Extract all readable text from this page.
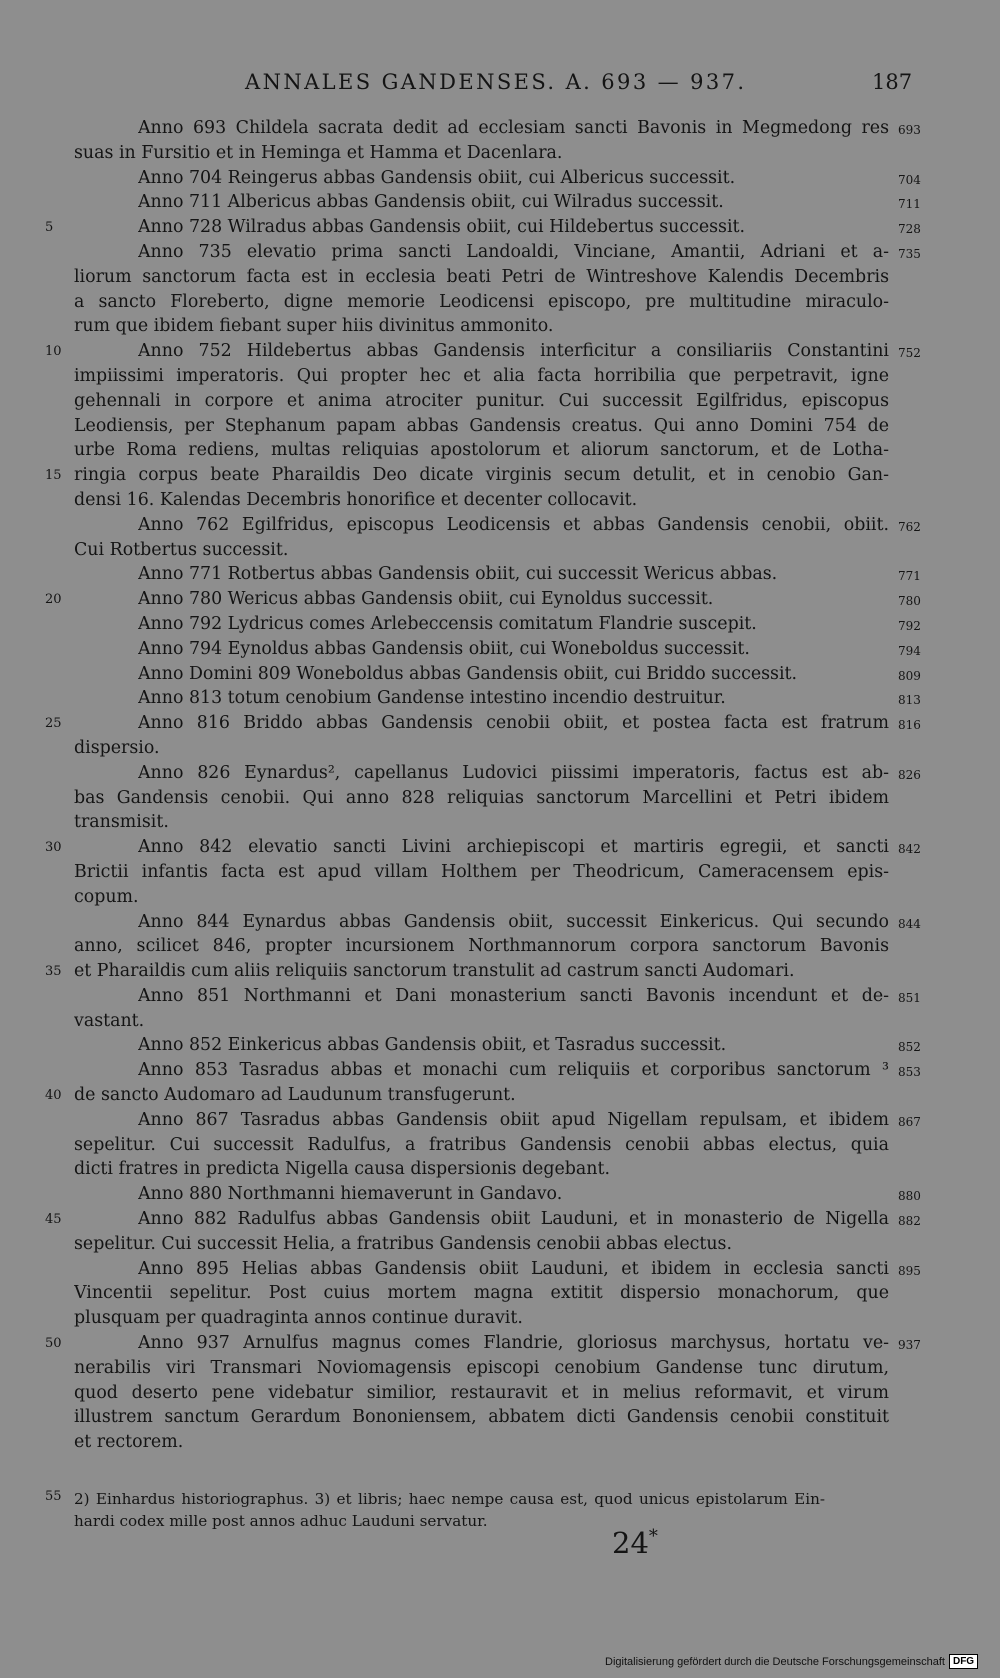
ANNALES GANDENSES. A. 693 — 937.	187
Anno 693 Childela sacrata dedit ad ecclesiam sancti Bavonis in Megmedong res 693
suas in Fursitio et in Heminga et Hamma et Dacenlara.
Anno 704 Reingerus abbas Gandensis obiit, cui Albericus successit.	704
Anno 711 Albericus abbas Gandensis obiit, cui Wilradus successit.	711
5	Anno 728 Wilradus abbas Gandensis obiit, cui Hildebertus successit.	728
Anno 735 elevatio prima sancti Landoaldi, Vinciane, Amantii, Adriani et a- 735
liorum sanctorum facta est in ecclesia beati Petri de Wintreshove Kalendis Decembris
a sancto Floreberto, digne memorie Leodicensi episcopo, pre multitudine miraculo-
rum que ibidem fiebant super hiis divinitus ammonito.
10	Anno 752 Hildebertus abbas Gandensis interficitur a consiliariis Constantini 752
impiissimi imperatoris. Qui propter hec et alia facta horribilia que perpetravit, igne
gehennali in corpore et anima atrociter punitur. Cui successit Egilfridus, episcopus
Leodiensis, per Stephanum papam abbas Gandensis creatus. Qui anno Domini 754 de
urbe Roma rediens, multas reliquias apostolorum et aliorum sanctorum, et de Lotha-
15 ringia corpus beate Pharaildis Deo dicate virginis secum detulit, et in cenobio Gan-
densi 16. Kalendas Decembris honorifice et decenter collocavit.
Anno 762 Egilfridus, episcopus Leodicensis et abbas Gandensis cenobii, obiit. 762
Cui Rotbertus successit.
Anno 771 Rotbertus abbas Gandensis obiit, cui successit Wericus abbas.	771
20	Anno 780 Wericus abbas Gandensis obiit, cui Eynoldus successit.	780
Anno 792 Lydricus comes Arlebeccensis comitatum Flandrie suscepit.	792
Anno 794 Eynoldus abbas Gandensis obiit, cui Woneboldus successit.	794
Anno Domini 809 Woneboldus abbas Gandensis obiit, cui Briddo successit.	809
Anno 813 totum cenobium Gandense intestino incendio destruitur.	813
25	Anno 816 Briddo abbas Gandensis cenobii obiit, et postea facta est fratrum 816
dispersio.
Anno 826 Eynardus², capellanus Ludovici piissimi imperatoris, factus est ab- 826
bas Gandensis cenobii. Qui anno 828 reliquias sanctorum Marcellini et Petri ibidem
transmisit.
30	Anno 842 elevatio sancti Livini archiepiscopi et martiris egregii, et sancti 842
Brictii infantis facta est apud villam Holthem per Theodricum, Cameracensem epis-
copum.
Anno 844 Eynardus abbas Gandensis obiit, successit Einkericus. Qui secundo 844
anno, scilicet 846, propter incursionem Northmannorum corpora sanctorum Bavonis
35 et Pharaildis cum aliis reliquiis sanctorum transtulit ad castrum sancti Audomari.
Anno 851 Northmanni et Dani monasterium sancti Bavonis incendunt et de- 851
vastant.
Anno 852 Einkericus abbas Gandensis obiit, et Tasradus successit.	852
Anno 853 Tasradus abbas et monachi cum reliquiis et corporibus sanctorum ³ 853
40 de sancto Audomaro ad Laudunum transfugerunt.
Anno 867 Tasradus abbas Gandensis obiit apud Nigellam repulsam, et ibidem 867
sepelitur. Cui successit Radulfus, a fratribus Gandensis cenobii abbas electus, quia
dicti fratres in predicta Nigella causa dispersionis degebant.
Anno 880 Northmanni hiemaverunt in Gandavo.	880
45	Anno 882 Radulfus abbas Gandensis obiit Lauduni, et in monasterio de Nigella 882
sepelitur. Cui successit Helia, a fratribus Gandensis cenobii abbas electus.
Anno 895 Helias abbas Gandensis obiit Lauduni, et ibidem in ecclesia sancti 895
Vincentii sepelitur. Post cuius mortem magna extitit dispersio monachorum, que
plusquam per quadraginta annos continue duravit.
50	Anno 937 Arnulfus magnus comes Flandrie, gloriosus marchysus, hortatu ve- 937
nerabilis viri Transmari Noviomagensis episcopi cenobium Gandense tunc dirutum,
quod deserto pene videbatur similior, restauravit et in melius reformavit, et virum
illustrem sanctum Gerardum Bononiensem, abbatem dicti Gandensis cenobii constituit
et rectorem.
55 2) Einhardus historiographus. 3) et libris; haec nempe causa est, quod unicus epistolarum Ein-
hardi codex mille post annos adhuc Lauduni servatur.
24*
Digitalisierung gefördert durch die Deutsche Forschungsgemeinschaft DFG
